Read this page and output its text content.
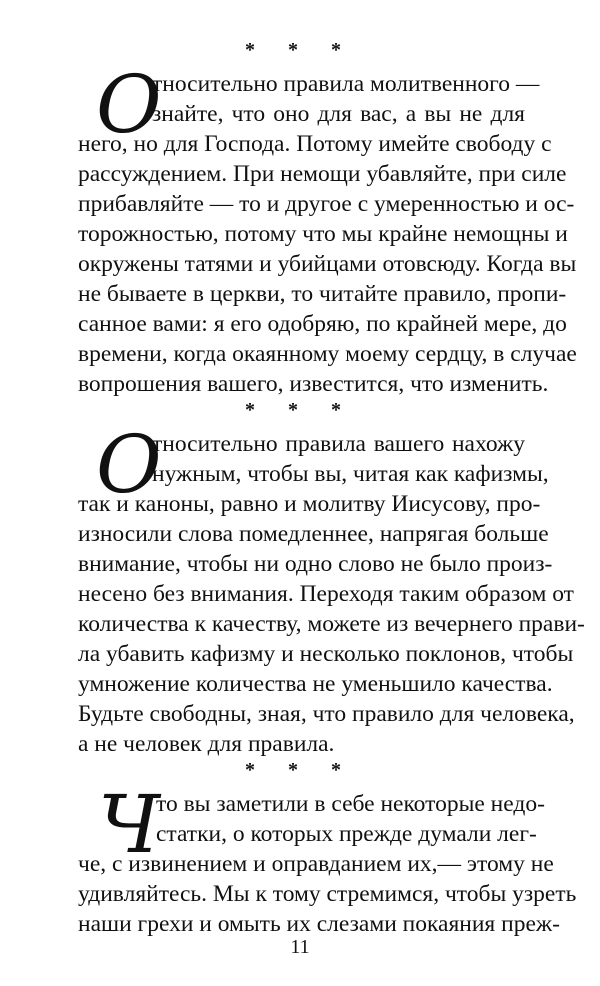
* * *
* * *
* * *
О
тносительно правила молитвенного —
знайте, что оно для вас, а вы не для
него, но для Господа. Потому имейте свободу с
рассуждением. При немощи убавляйте, при силе
прибавляйте — то и другое с умеренностью и ос-
торожностью, потому что мы крайне немощны и
окружены татями и убийцами отовсюду. Когда вы
не бываете в церкви, то читайте правило, пропи-
санное вами: я его одобряю, по крайней мере, до
времени, когда окаянному моему сердцу, в случае
вопрошения вашего, известится, что изменить.
О
тносительно правила вашего нахожу
нужным, чтобы вы, читая как кафизмы,
так и каноны, равно и молитву Иисусову, про-
износили слова помедленнее, напрягая больше
внимание, чтобы ни одно слово не было произ-
несено без внимания. Переходя таким образом от
количества к качеству, можете из вечернего прави-
ла убавить кафизму и несколько поклонов, чтобы
умножение количества не уменьшило качества.
Будьте свободны, зная, что правило для человека,
а не человек для правила.
Ч
то вы заметили в себе некоторые недо-
статки, о которых прежде думали лег-
че, с извинением и оправданием их,— этому не
удивляйтесь. Мы к тому стремимся, чтобы узреть
наши грехи и омыть их слезами покаяния преж-
11
